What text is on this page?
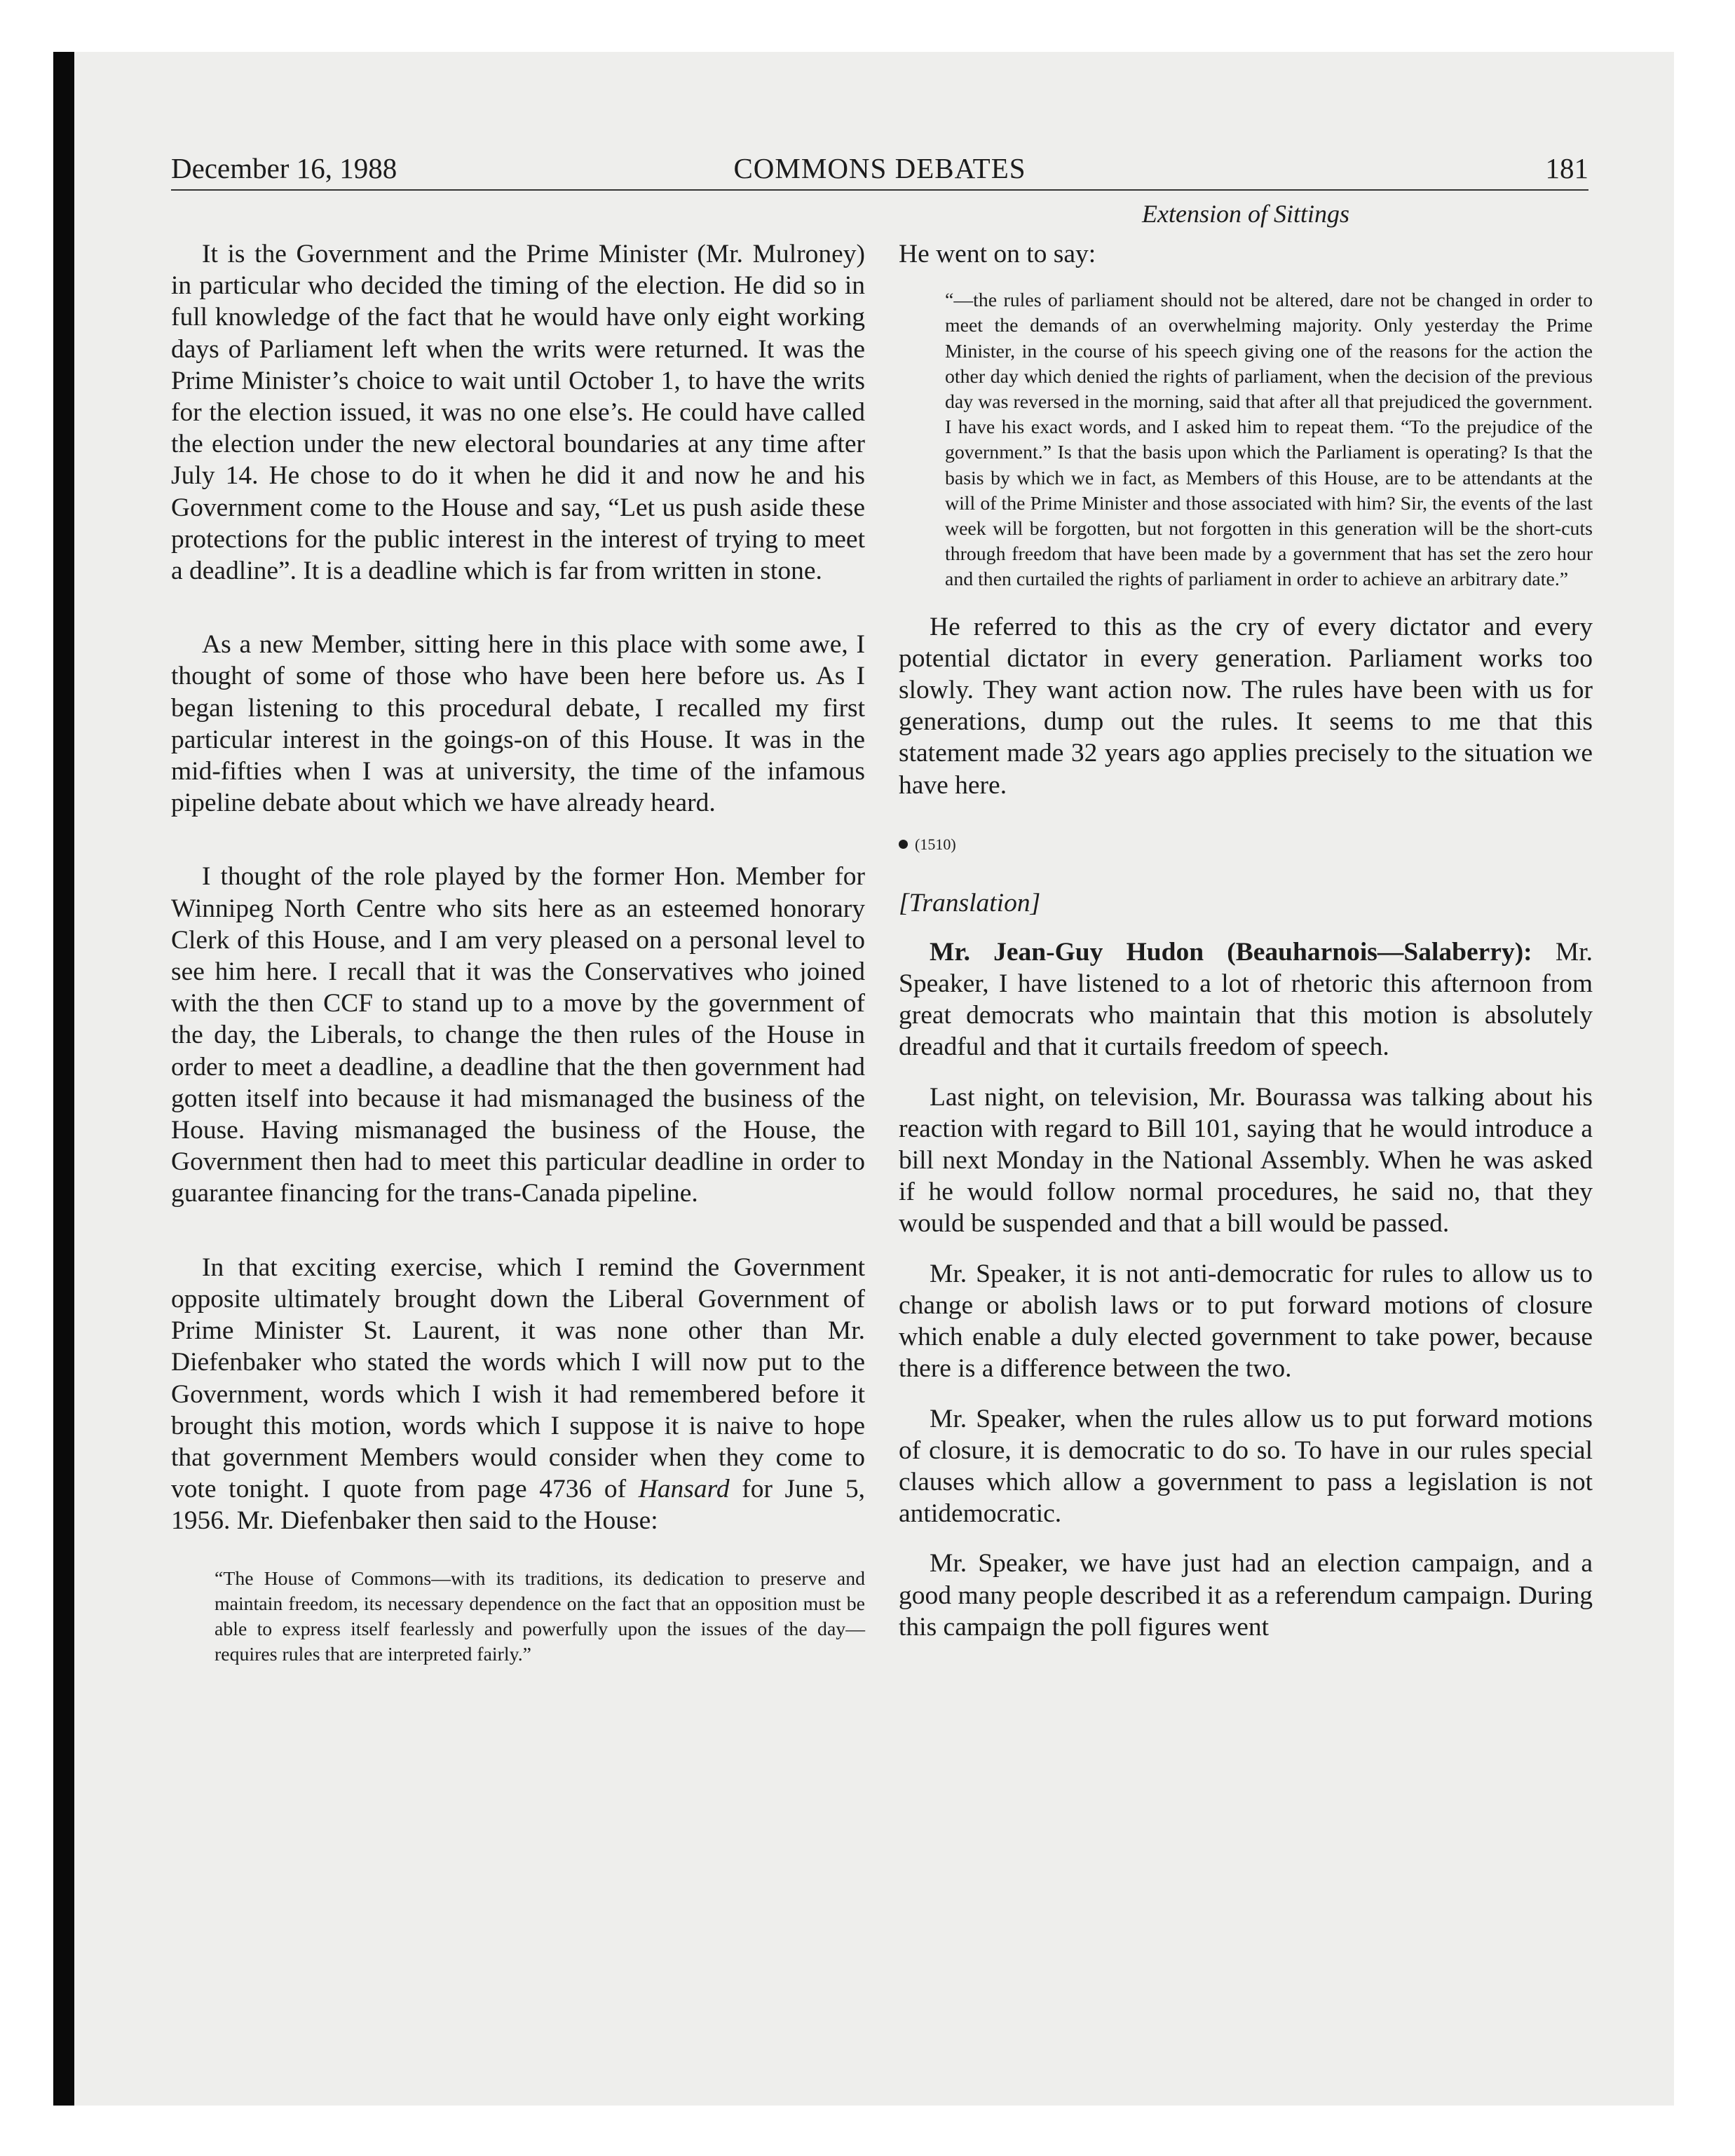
December 16, 1988	COMMONS DEBATES	181

It is the Government and the Prime Minister (Mr. Mulroney) in particular who decided the timing of the election. He did so in full knowledge of the fact that he would have only eight working days of Parliament left when the writs were returned. It was the Prime Minister’s choice to wait until October 1, to have the writs for the election issued, it was no one else’s. He could have called the election under the new electoral boundaries at any time after July 14. He chose to do it when he did it and now he and his Government come to the House and say, “Let us push aside these protections for the public interest in the interest of trying to meet a deadline”. It is a deadline which is far from written in stone.

As a new Member, sitting here in this place with some awe, I thought of some of those who have been here before us. As I began listening to this procedural debate, I recalled my first particular interest in the goings-on of this House. It was in the mid-fifties when I was at university, the time of the infamous pipeline debate about which we have already heard.

I thought of the role played by the former Hon. Member for Winnipeg North Centre who sits here as an esteemed honorary Clerk of this House, and I am very pleased on a personal level to see him here. I recall that it was the Conservatives who joined with the then CCF to stand up to a move by the government of the day, the Liberals, to change the then rules of the House in order to meet a deadline, a deadline that the then government had gotten itself into because it had mismanaged the business of the House. Having mismanaged the business of the House, the Government then had to meet this particular deadline in order to guarantee financing for the trans-Canada pipeline.

In that exciting exercise, which I remind the Government opposite ultimately brought down the Liberal Government of Prime Minister St. Laurent, it was none other than Mr. Diefenbaker who stated the words which I will now put to the Government, words which I wish it had remembered before it brought this motion, words which I suppose it is naive to hope that government Members would consider when they come to vote tonight. I quote from page 4736 of Hansard for June 5, 1956. Mr. Diefenbaker then said to the House:

“The House of Commons—with its traditions, its dedication to preserve and maintain freedom, its necessary dependence on the fact that an opposition must be able to express itself fearlessly and powerfully upon the issues of the day—requires rules that are interpreted fairly.”

Extension of Sittings

He went on to say:

“—the rules of parliament should not be altered, dare not be changed in order to meet the demands of an overwhelming majority. Only yesterday the Prime Minister, in the course of his speech giving one of the reasons for the action the other day which denied the rights of parliament, when the decision of the previous day was reversed in the morning, said that after all that prejudiced the government. I have his exact words, and I asked him to repeat them. “To the prejudice of the government.” Is that the basis upon which the Parliament is operating? Is that the basis by which we in fact, as Members of this House, are to be attendants at the will of the Prime Minister and those associated with him? Sir, the events of the last week will be forgotten, but not forgotten in this generation will be the short-cuts through freedom that have been made by a government that has set the zero hour and then curtailed the rights of parliament in order to achieve an arbitrary date.”

He referred to this as the cry of every dictator and every potential dictator in every generation. Parliament works too slowly. They want action now. The rules have been with us for generations, dump out the rules. It seems to me that this statement made 32 years ago applies precisely to the situation we have here.

(1510)

[Translation]

Mr. Jean-Guy Hudon (Beauharnois—Salaberry): Mr. Speaker, I have listened to a lot of rhetoric this afternoon from great democrats who maintain that this motion is absolutely dreadful and that it curtails freedom of speech.

Last night, on television, Mr. Bourassa was talking about his reaction with regard to Bill 101, saying that he would introduce a bill next Monday in the National Assembly. When he was asked if he would follow normal procedures, he said no, that they would be suspended and that a bill would be passed.

Mr. Speaker, it is not anti-democratic for rules to allow us to change or abolish laws or to put forward motions of closure which enable a duly elected government to take power, because there is a difference between the two.

Mr. Speaker, when the rules allow us to put forward motions of closure, it is democratic to do so. To have in our rules special clauses which allow a government to pass a legislation is not antidemocratic.

Mr. Speaker, we have just had an election campaign, and a good many people described it as a referendum campaign. During this campaign the poll figures went
